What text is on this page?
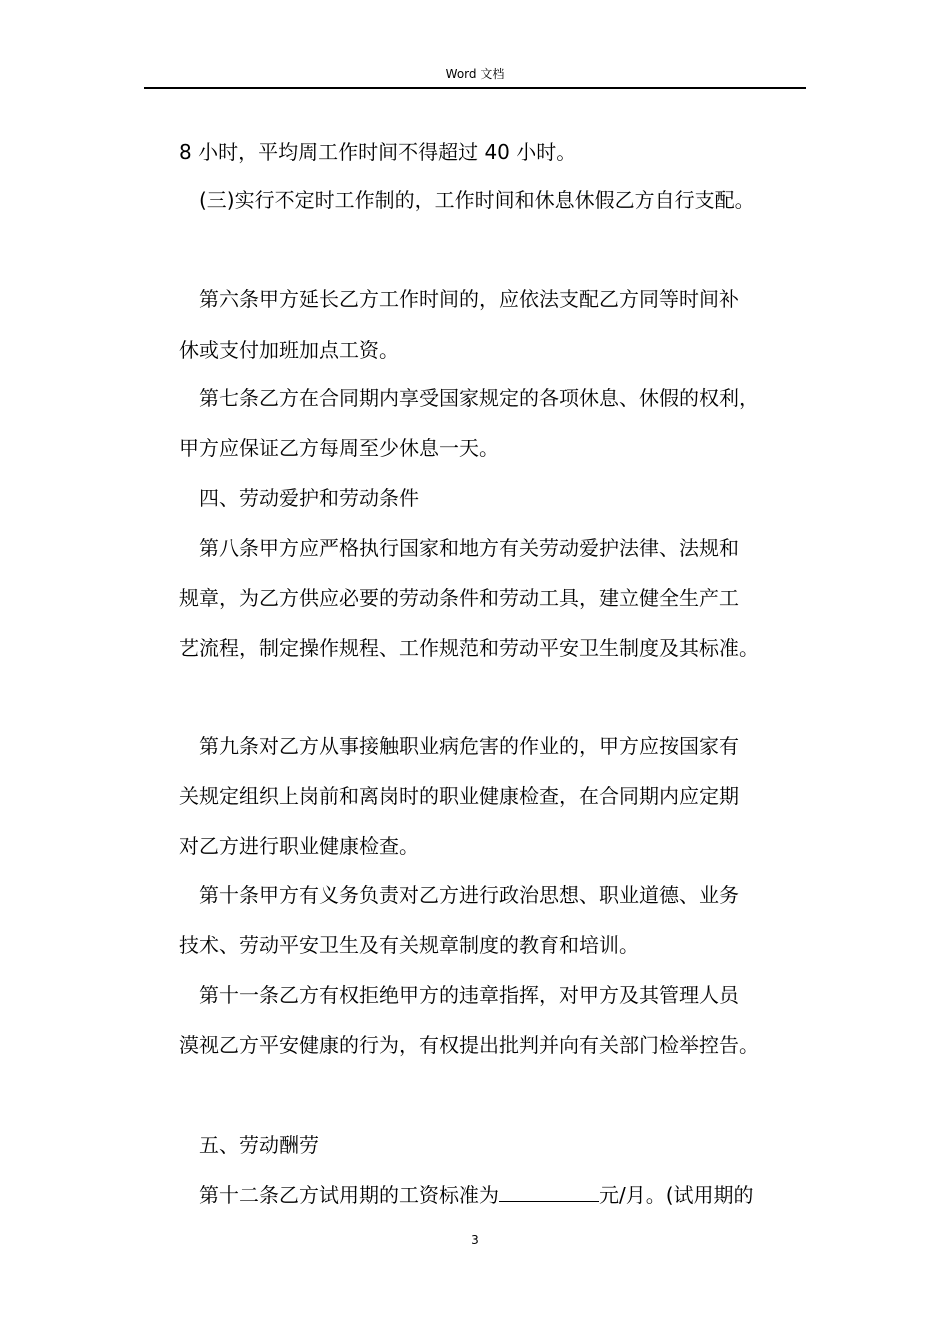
Word 文档
8 小时，平均周工作时间不得超过 40 小时。
(三)实行不定时工作制的，工作时间和休息休假乙方自行支配。
第六条甲方延长乙方工作时间的，应依法支配乙方同等时间补
休或支付加班加点工资。
第七条乙方在合同期内享受国家规定的各项休息、休假的权利，
甲方应保证乙方每周至少休息一天。
四、劳动爱护和劳动条件
第八条甲方应严格执行国家和地方有关劳动爱护法律、法规和
规章，为乙方供应必要的劳动条件和劳动工具，建立健全生产工
艺流程，制定操作规程、工作规范和劳动平安卫生制度及其标准。
第九条对乙方从事接触职业病危害的作业的，甲方应按国家有
关规定组织上岗前和离岗时的职业健康检查，在合同期内应定期
对乙方进行职业健康检查。
第十条甲方有义务负责对乙方进行政治思想、职业道德、业务
技术、劳动平安卫生及有关规章制度的教育和培训。
第十一条乙方有权拒绝甲方的违章指挥，对甲方及其管理人员
漠视乙方平安健康的行为，有权提出批判并向有关部门检举控告。
五、劳动酬劳
第十二条乙方试用期的工资标准为	元/月。(试用期的
3
